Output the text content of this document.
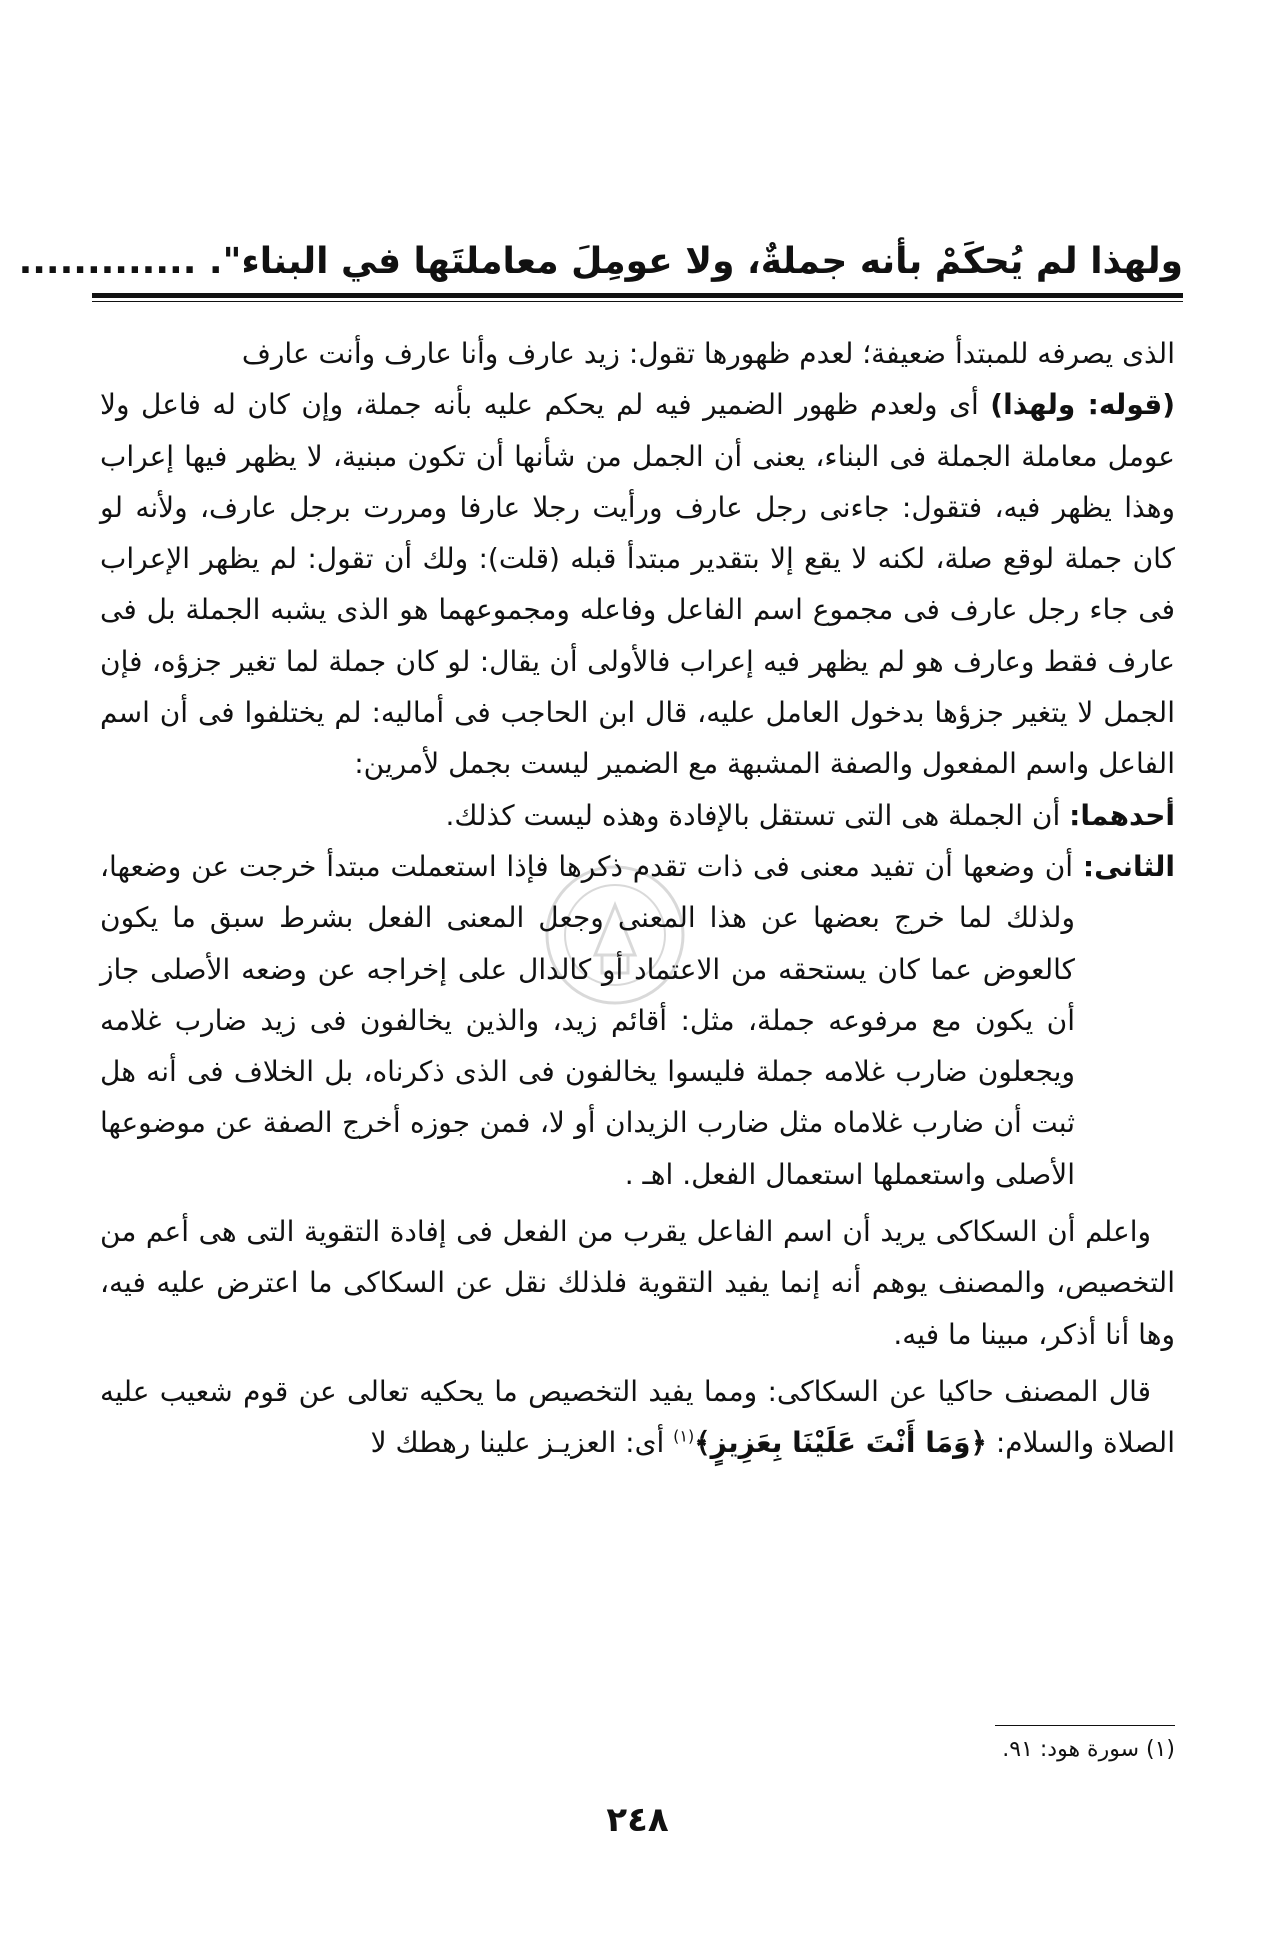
ولهذا لم يُحكَمْ بأنه جملةٌ، ولا عومِلَ معاملتَها في البناء". .............

الذى يصرفه للمبتدأ ضعيفة؛ لعدم ظهورها تقول: زيد عارف وأنا عارف وأنت عارف

(قوله: ولهذا) أى ولعدم ظهور الضمير فيه لم يحكم عليه بأنه جملة، وإن كان له فاعل ولا عومل معاملة الجملة فى البناء، يعنى أن الجمل من شأنها أن تكون مبنية، لا يظهر فيها إعراب وهذا يظهر فيه، فتقول: جاءنى رجل عارف ورأيت رجلا عارفا ومررت برجل عارف، ولأنه لو كان جملة لوقع صلة، لكنه لا يقع إلا بتقدير مبتدأ قبله (قلت): ولك أن تقول: لم يظهر الإعراب فى جاء رجل عارف فى مجموع اسم الفاعل وفاعله ومجموعهما هو الذى يشبه الجملة بل فى عارف فقط وعارف هو لم يظهر فيه إعراب فالأولى أن يقال: لو كان جملة لما تغير جزؤه، فإن الجمل لا يتغير جزؤها بدخول العامل عليه، قال ابن الحاجب فى أماليه: لم يختلفوا فى أن اسم الفاعل واسم المفعول والصفة المشبهة مع الضمير ليست بجمل لأمرين:

أحدهما: أن الجملة هى التى تستقل بالإفادة وهذه ليست كذلك.

الثانى: أن وضعها أن تفيد معنى فى ذات تقدم ذكرها فإذا استعملت مبتدأ خرجت عن وضعها، ولذلك لما خرج بعضها عن هذا المعنى وجعل المعنى الفعل بشرط سبق ما يكون كالعوض عما كان يستحقه من الاعتماد أو كالدال على إخراجه عن وضعه الأصلى جاز أن يكون مع مرفوعه جملة، مثل: أقائم زيد، والذين يخالفون فى زيد ضارب غلامه ويجعلون ضارب غلامه جملة فليسوا يخالفون فى الذى ذكرناه، بل الخلاف فى أنه هل ثبت أن ضارب غلاماه مثل ضارب الزيدان أو لا، فمن جوزه أخرج الصفة عن موضوعها الأصلى واستعملها استعمال الفعل. اهـ .

واعلم أن السكاكى يريد أن اسم الفاعل يقرب من الفعل فى إفادة التقوية التى هى أعم من التخصيص، والمصنف يوهم أنه إنما يفيد التقوية فلذلك نقل عن السكاكى ما اعترض عليه فيه، وها أنا أذكر، مبينا ما فيه.

قال المصنف حاكيا عن السكاكى: ومما يفيد التخصيص ما يحكيه تعالى عن قوم شعيب عليه الصلاة والسلام: ﴿وَمَا أَنْتَ عَلَيْنَا بِعَزِيزٍ﴾$^{(١)}$ أى: العزيـز علينا رهطك لا

(١) سورة هود: ٩١.
٢٤٨
